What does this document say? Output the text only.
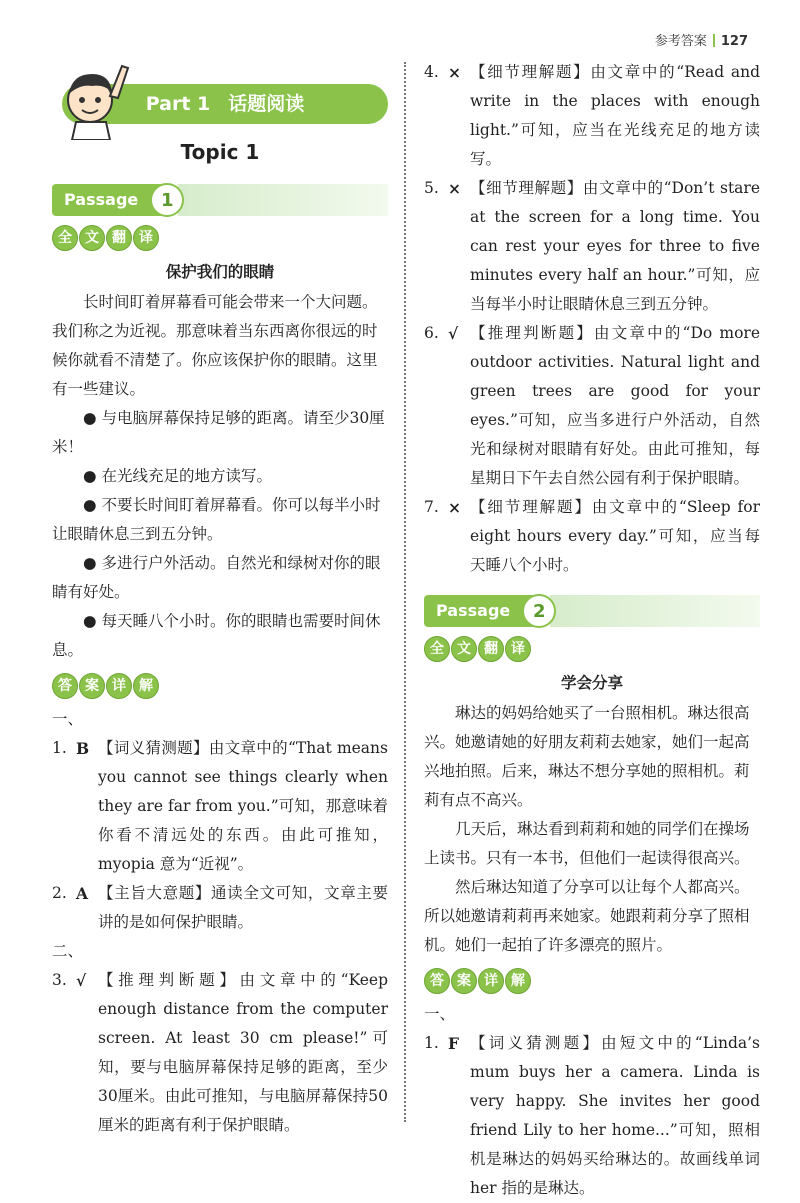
参考答案 127
Part 1 话题阅读
Topic 1
Passage	1
全 文 翻 译

保护我们的眼睛

长时间盯着屏幕看可能会带来一个大问题。我们称之为近视。那意味着当东西离你很远的时候你就看不清楚了。你应该保护你的眼睛。这里有一些建议。

● 与电脑屏幕保持足够的距离。请至少30厘米！

● 在光线充足的地方读写。

● 不要长时间盯着屏幕看。你可以每半小时让眼睛休息三到五分钟。

● 多进行户外活动。自然光和绿树对你的眼睛有好处。

● 每天睡八个小时。你的眼睛也需要时间休息。

答 案 详 解

一、

1. B 【词义猜测题】由文章中的“That means you cannot see things clearly when they are far from you.”可知，那意味着你看不清远处的东西。由此可推知，myopia 意为“近视”。
2. A 【主旨大意题】通读全文可知，文章主要讲的是如何保护眼睛。

二、

3. √ 【推理判断题】由文章中的“Keep enough distance from the computer screen. At least 30 cm please!”可知，要与电脑屏幕保持足够的距离，至少30厘米。由此可推知，与电脑屏幕保持50厘米的距离有利于保护眼睛。
4. × 【细节理解题】由文章中的“Read and write in the places with enough light.”可知，应当在光线充足的地方读写。
5. × 【细节理解题】由文章中的“Don’t stare at the screen for a long time. You can rest your eyes for three to five minutes every half an hour.”可知，应当每半小时让眼睛休息三到五分钟。
6. √ 【推理判断题】由文章中的“Do more outdoor activities. Natural light and green trees are good for your eyes.”可知，应当多进行户外活动，自然光和绿树对眼睛有好处。由此可推知，每星期日下午去自然公园有利于保护眼睛。
7. × 【细节理解题】由文章中的“Sleep for eight hours every day.”可知，应当每天睡八个小时。
Passage	2
全 文 翻 译

学会分享

琳达的妈妈给她买了一台照相机。琳达很高兴。她邀请她的好朋友莉莉去她家，她们一起高兴地拍照。后来，琳达不想分享她的照相机。莉莉有点不高兴。

几天后，琳达看到莉莉和她的同学们在操场上读书。只有一本书，但他们一起读得很高兴。

然后琳达知道了分享可以让每个人都高兴。所以她邀请莉莉再来她家。她跟莉莉分享了照相机。她们一起拍了许多漂亮的照片。

答 案 详 解

一、

1. F 【词义猜测题】由短文中的“Linda’s mum buys her a camera. Linda is very happy. She invites her good friend Lily to her home...”可知，照相机是琳达的妈妈买给琳达的。故画线单词 her 指的是琳达。
